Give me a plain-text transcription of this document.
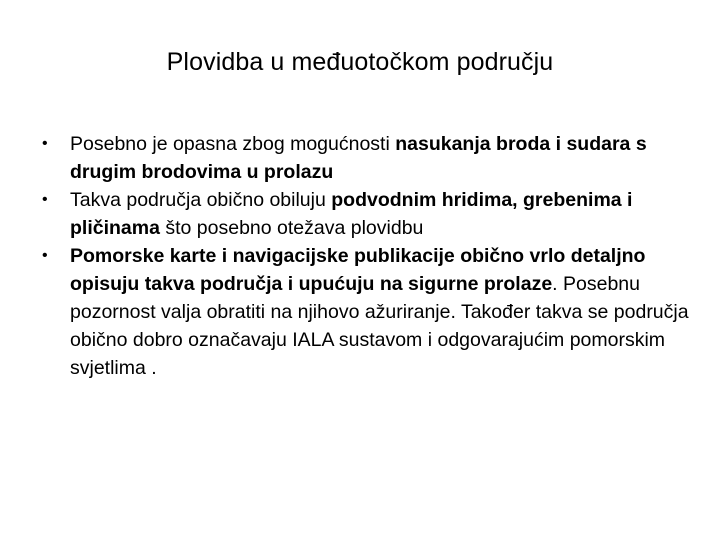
Plovidba u međuotočkom području
•	Posebno je opasna zbog mogućnosti nasukanja broda i sudara s drugim brodovima u prolazu
•	Takva područja obično obiluju podvodnim hridima, grebenima i pličinama što posebno otežava plovidbu
•	Pomorske karte i navigacijske publikacije obično vrlo detaljno opisuju takva područja i upućuju na sigurne prolaze. Posebnu pozornost valja obratiti na njihovo ažuriranje. Također takva se područja obično dobro označavaju IALA sustavom i odgovarajućim pomorskim svjetlima .
